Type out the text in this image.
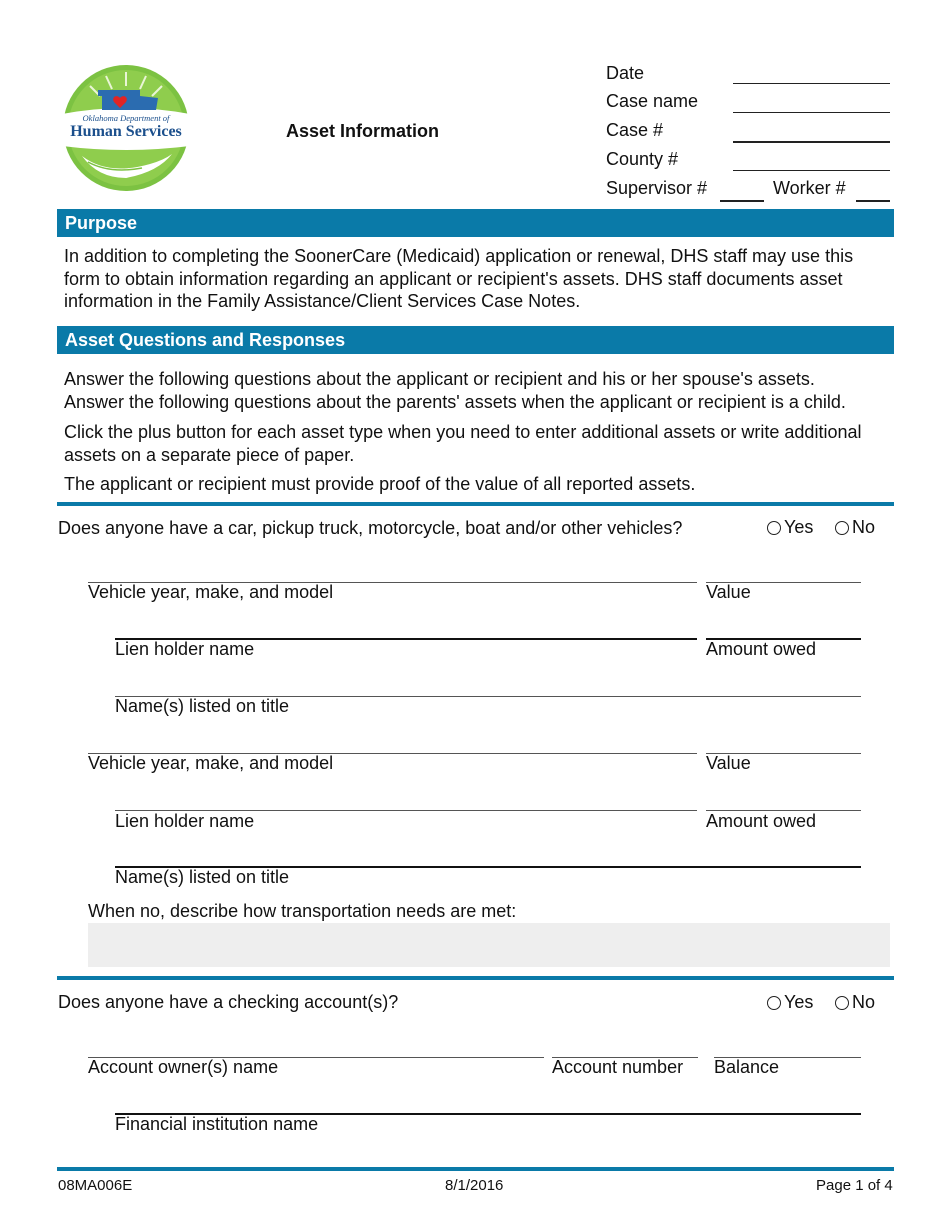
Oklahoma Department of
Human Services	Asset Information
Date
Case name
Case #
County #
Supervisor #	Worker #
Purpose
In addition to completing the SoonerCare (Medicaid) application or renewal, DHS staff may use this
form to obtain information regarding an applicant or recipient's assets. DHS staff documents asset
information in the Family Assistance/Client Services Case Notes.
Asset Questions and Responses
Answer the following questions about the applicant or recipient and his or her spouse's assets.
Answer the following questions about the parents' assets when the applicant or recipient is a child.
Click the plus button for each asset type when you need to enter additional assets or write additional
assets on a separate piece of paper.
The applicant or recipient must provide proof of the value of all reported assets.
Does anyone have a car, pickup truck, motorcycle, boat and/or other vehicles?	Yes	No
Vehicle year, make, and model	Value
Lien holder name	Amount owed
Name(s) listed on title
Vehicle year, make, and model	Value
Lien holder name	Amount owed
Name(s) listed on title
When no, describe how transportation needs are met:
Does anyone have a checking account(s)?	Yes	No
Account owner(s) name	Account number Balance
Financial institution name
08MA006E	8/1/2016	Page 1 of 4
